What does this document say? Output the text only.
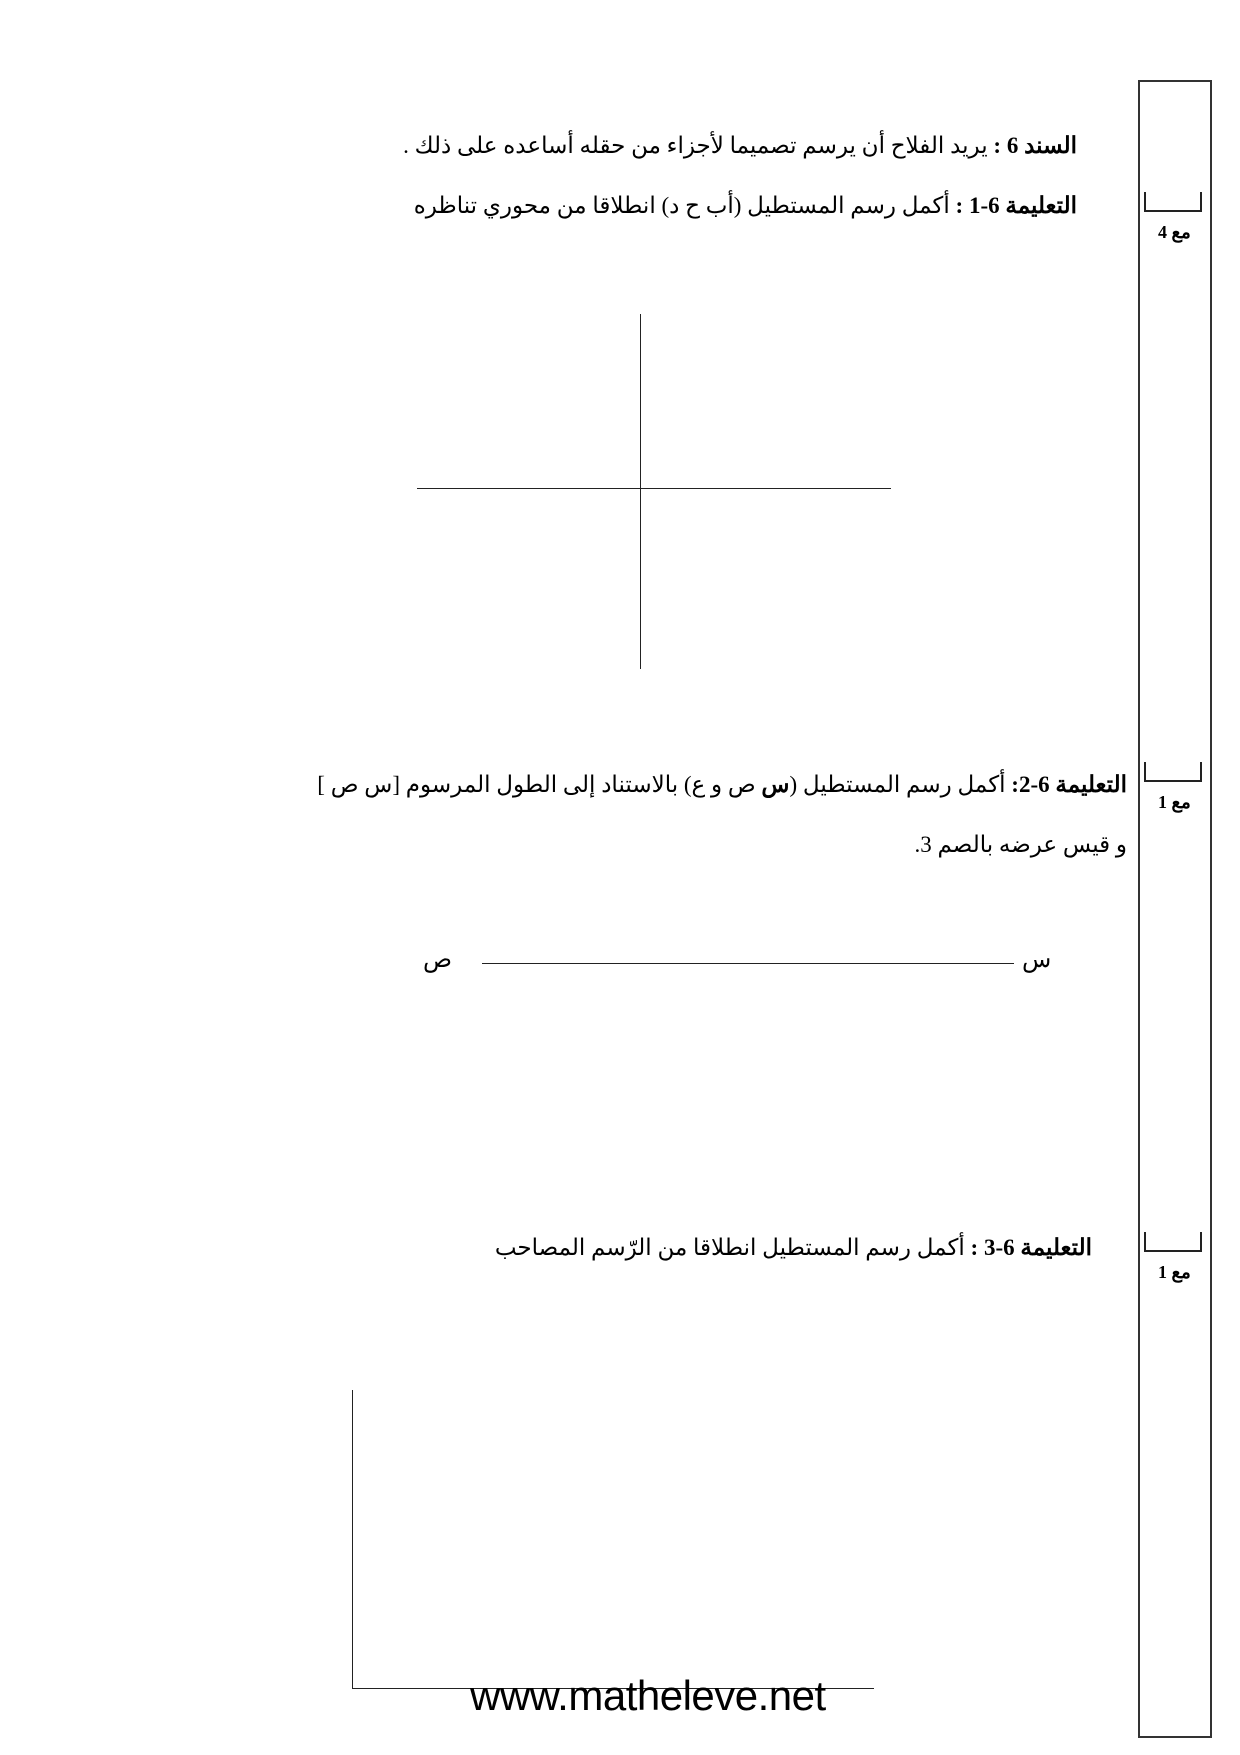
مع 4
مع 1
مع 1
السند 6 : يريد الفلاح أن يرسم تصميما لأجزاء من حقله أساعده على ذلك .
التعليمة 6-1 : أكمل رسم المستطيل (أب ح د) انطلاقا من محوري تناظره
التعليمة 6-2: أكمل رسم المستطيل (س ص و ع) بالاستناد إلى الطول المرسوم [س ص ]
و قيس عرضه بالصم 3.
س
ص
التعليمة 6-3 : أكمل رسم المستطيل انطلاقا من الرّسم المصاحب
www.matheleve.net
